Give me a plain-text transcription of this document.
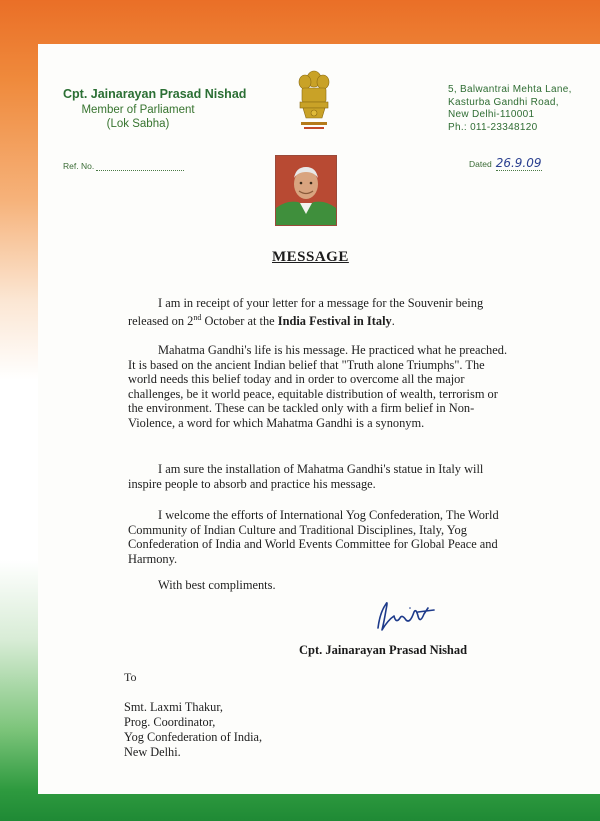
Cpt. Jainarayan Prasad Nishad
Member of Parliament
(Lok Sabha)
5, Balwantrai Mehta Lane,
Kasturba Gandhi Road,
New Delhi-110001
Ph.: 011-23348120
Ref. No.	Dated 26.9.09
MESSAGE
I am in receipt of your letter for a message for the Souvenir being released on 2nd October at the India Festival in Italy.
Mahatma Gandhi's life is his message. He practiced what he preached. It is based on the ancient Indian belief that "Truth alone Triumphs". The world needs this belief today and in order to overcome all the major challenges, be it world peace, equitable distribution of wealth, terrorism or the environment. These can be tackled only with a firm belief in Non-Violence, a word for which Mahatma Gandhi is a synonym.
I am sure the installation of Mahatma Gandhi's statue in Italy will inspire people to absorb and practice his message.
I welcome the efforts of International Yog Confederation, The World Community of Indian Culture and Traditional Disciplines, Italy, Yog Confederation of India and World Events Committee for Global Peace and Harmony.
With best compliments.
Cpt. Jainarayan Prasad Nishad
To
Smt. Laxmi Thakur,
Prog. Coordinator,
Yog Confederation of India,
New Delhi.
